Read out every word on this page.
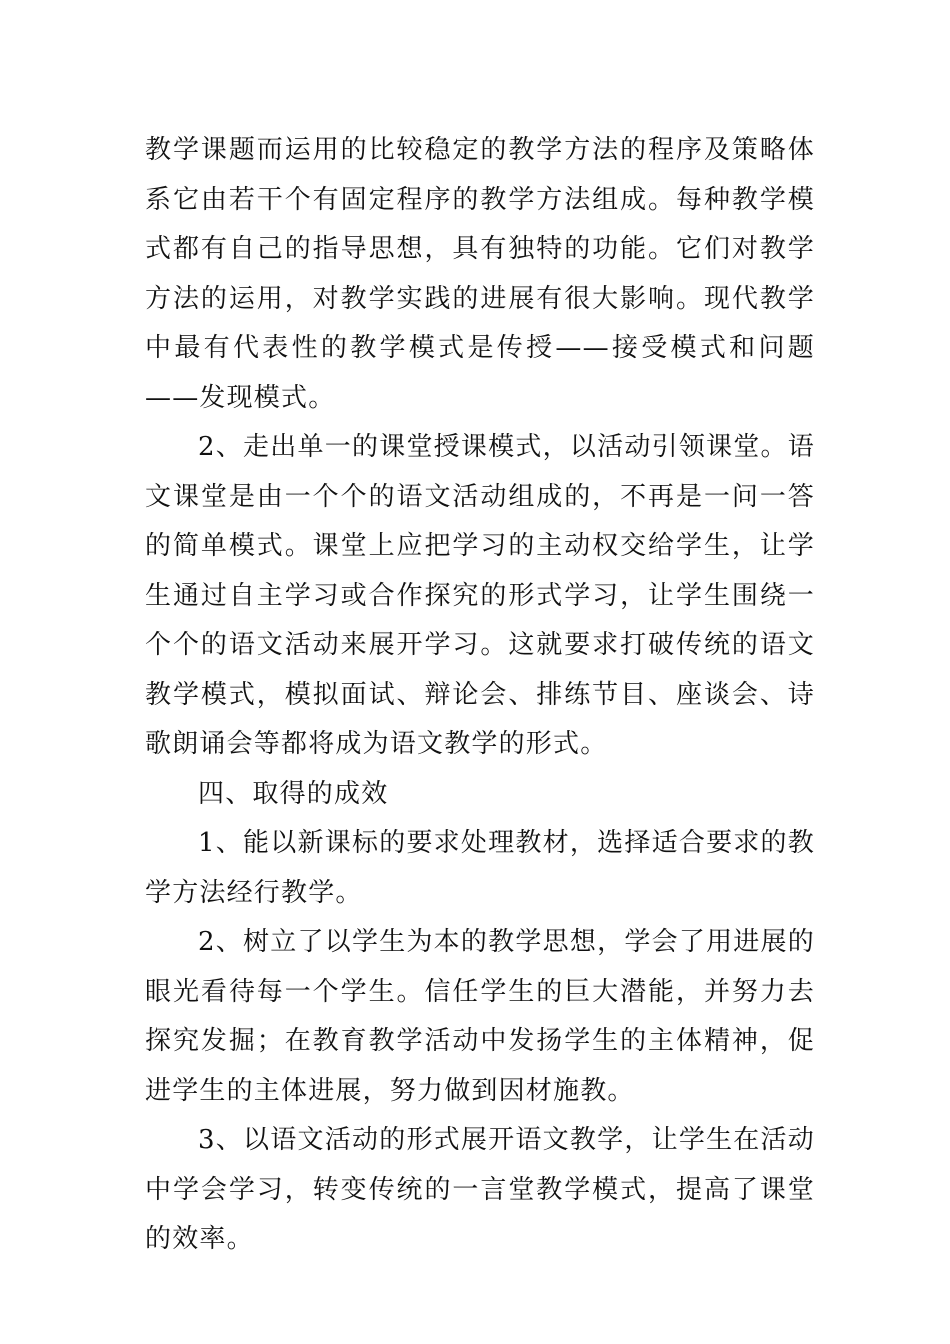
教学课题而运用的比较稳定的教学方法的程序及策略体系它由若干个有固定程序的教学方法组成。每种教学模式都有自己的指导思想，具有独特的功能。它们对教学方法的运用，对教学实践的进展有很大影响。现代教学中最有代表性的教学模式是传授——接受模式和问题——发现模式。

2、走出单一的课堂授课模式，以活动引领课堂。语文课堂是由一个个的语文活动组成的，不再是一问一答的简单模式。课堂上应把学习的主动权交给学生，让学生通过自主学习或合作探究的形式学习，让学生围绕一个个的语文活动来展开学习。这就要求打破传统的语文教学模式，模拟面试、辩论会、排练节目、座谈会、诗歌朗诵会等都将成为语文教学的形式。

四、取得的成效

1、能以新课标的要求处理教材，选择适合要求的教学方法经行教学。

2、树立了以学生为本的教学思想，学会了用进展的眼光看待每一个学生。信任学生的巨大潜能，并努力去探究发掘；在教育教学活动中发扬学生的主体精神，促进学生的主体进展，努力做到因材施教。

3、以语文活动的形式展开语文教学，让学生在活动中学会学习，转变传统的一言堂教学模式，提高了课堂的效率。
